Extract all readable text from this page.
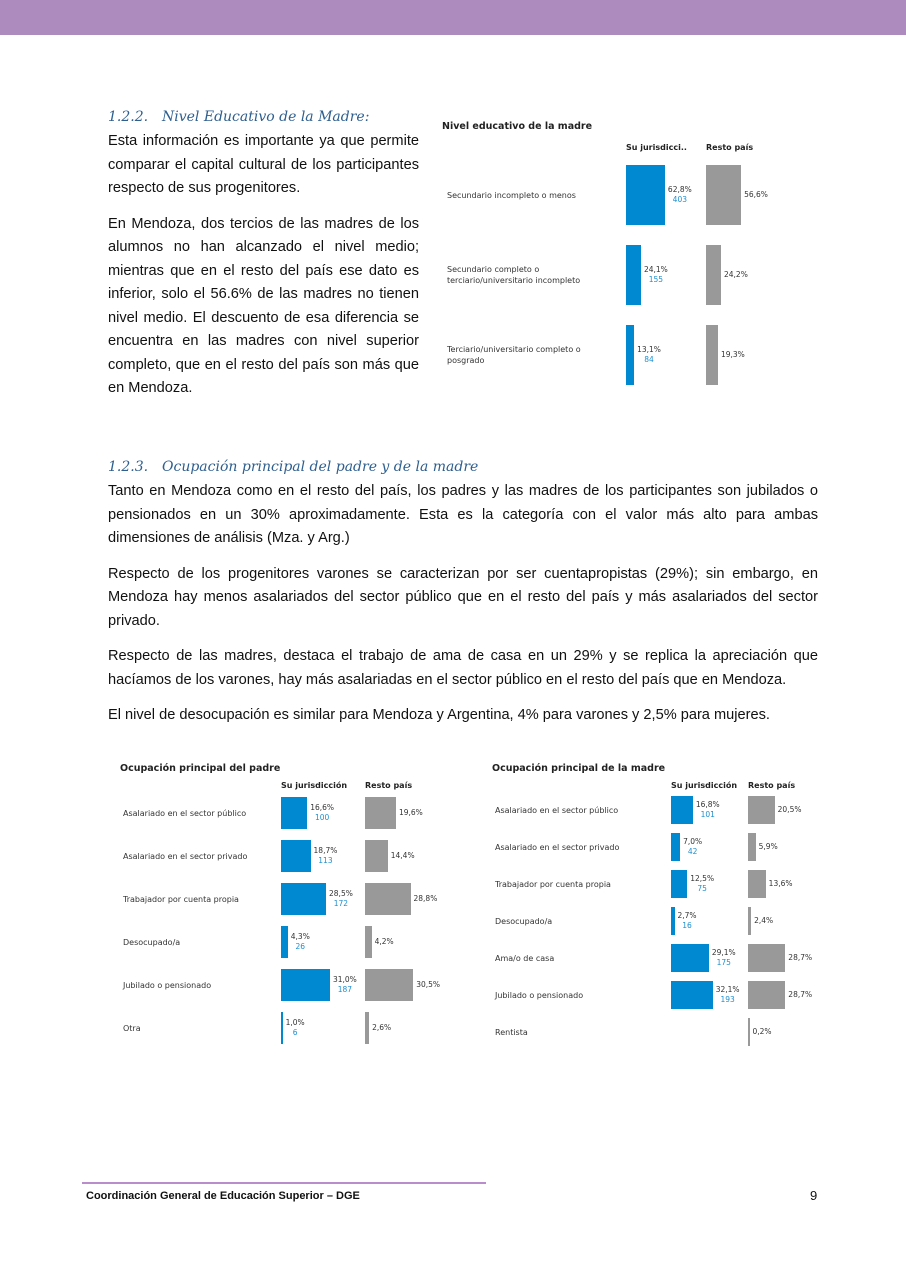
1.2.2. Nivel Educativo de la Madre:

Esta información es importante ya que permite comparar el capital cultural de los participantes respecto de sus progenitores.

En Mendoza, dos tercios de las madres de los alumnos no han alcanzado el nivel medio; mientras que en el resto del país ese dato es inferior, solo el 56.6% de las madres no tienen nivel medio. El descuento de esa diferencia se encuentra en las madres con nivel superior completo, que en el resto del país son más que en Mendoza.

1.2.3. Ocupación principal del padre y de la madre

Tanto en Mendoza como en el resto del país, los padres y las madres de los participantes son jubilados o pensionados en un 30% aproximadamente. Esta es la categoría con el valor más alto para ambas dimensiones de análisis (Mza. y Arg.)

Respecto de los progenitores varones se caracterizan por ser cuentapropistas (29%); sin embargo, en Mendoza hay menos asalariados del sector público que en el resto del país y más asalariados del sector privado.

Respecto de las madres, destaca el trabajo de ama de casa en un 29% y se replica la apreciación que hacíamos de los varones, hay más asalariadas en el sector público en el resto del país que en Mendoza.

El nivel de desocupación es similar para Mendoza y Argentina, 4% para varones y 2,5% para mujeres.

Nivel educativo de la madre
Su jurisdicci.. Resto país
Secundario incompleto o menos
62,8%
403
56,6%
Secundario completo o terciario/universitario incompleto
24,1%
155
24,2%
Terciario/universitario completo o posgrado
13,1%
84
19,3%
Ocupación principal del padre
Su jurisdicción Resto país
Asalariado en el sector público
16,6%
100
19,6%
Asalariado en el sector privado
18,7%
113
14,4%
Trabajador por cuenta propia
28,5%
172
28,8%
Desocupado/a
4,3%
26
4,2%
Jubilado o pensionado
31,0%
187
30,5%
Otra
1,0%
6
2,6%
Ocupación principal de la madre
Su jurisdicción Resto país
Asalariado en el sector público
16,8%
101
20,5%
Asalariado en el sector privado
7,0%
42
5,9%
Trabajador por cuenta propia
12,5%
75
13,6%
Desocupado/a
2,7%
16
2,4%
Ama/o de casa
29,1%
175
28,7%
Jubilado o pensionado
32,1%
193
28,7%
Rentista	0,2%
Coordinación General de Educación Superior – DGE	9
